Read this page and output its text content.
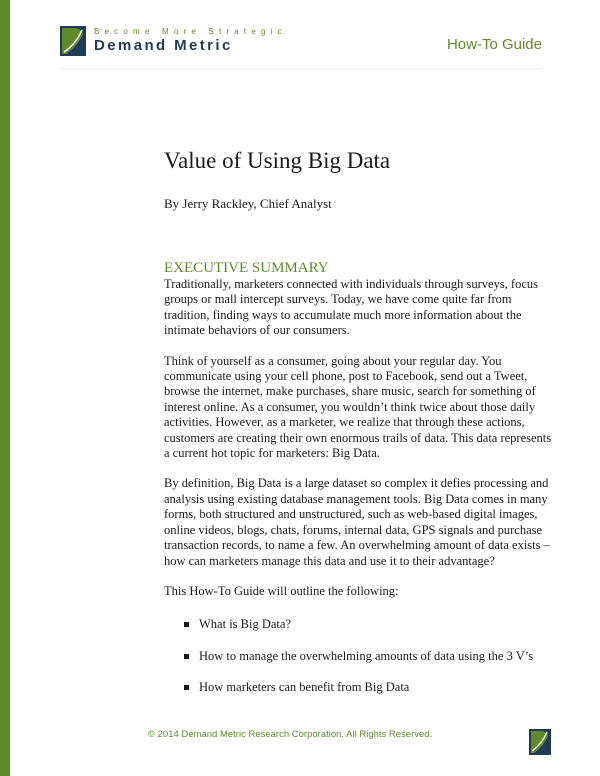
Become More Strategic
Demand Metric	How-To Guide
Value of Using Big Data

By Jerry Rackley, Chief Analyst

EXECUTIVE SUMMARY

Traditionally, marketers connected with individuals through surveys, focus groups or mall intercept surveys. Today, we have come quite far from tradition, finding ways to accumulate much more information about the intimate behaviors of our consumers.

Think of yourself as a consumer, going about your regular day. You communicate using your cell phone, post to Facebook, send out a Tweet, browse the internet, make purchases, share music, search for something of interest online. As a consumer, you wouldn’t think twice about those daily activities. However, as a marketer, we realize that through these actions, customers are creating their own enormous trails of data. This data represents a current hot topic for marketers: Big Data.

By definition, Big Data is a large dataset so complex it defies processing and analysis using existing database management tools. Big Data comes in many forms, both structured and unstructured, such as web-based digital images, online videos, blogs, chats, forums, internal data, GPS signals and purchase transaction records, to name a few. An overwhelming amount of data exists – how can marketers manage this data and use it to their advantage?

This How-To Guide will outline the following:

What is Big Data?
How to manage the overwhelming amounts of data using the 3 V’s
How marketers can benefit from Big Data
© 2014 Demand Metric Research Corporation. All Rights Reserved.
